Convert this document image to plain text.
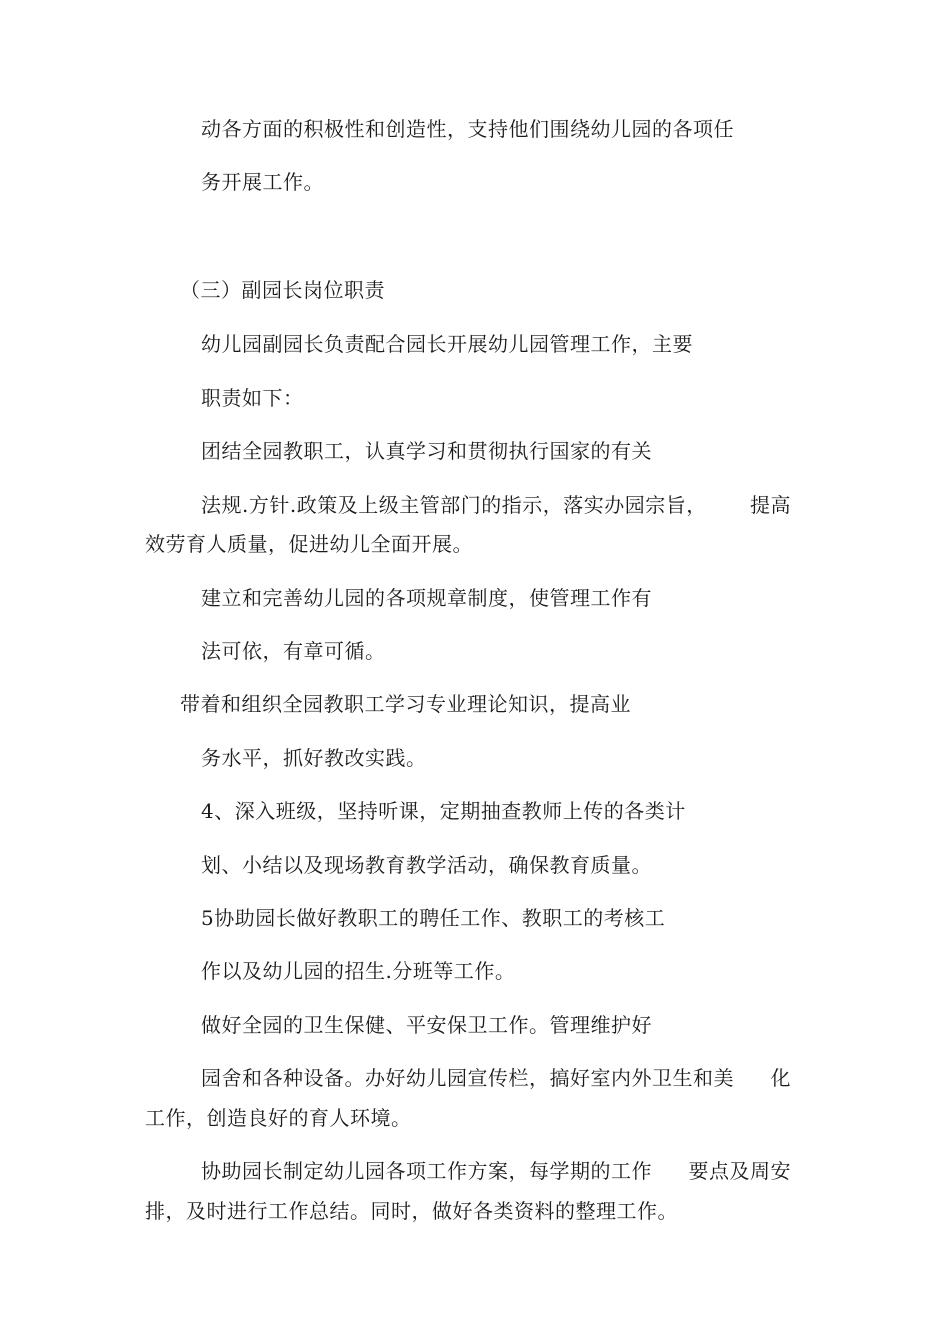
动各方面的积极性和创造性，支持他们围绕幼儿园的各项任
务开展工作。
（三）副园长岗位职责
幼儿园副园长负责配合园长开展幼儿园管理工作，主要
职责如下：
团结全园教职工，认真学习和贯彻执行国家的有关
法规.方针.政策及上级主管部门的指示，落实办园宗旨， 提高
效劳育人质量，促进幼儿全面开展。
建立和完善幼儿园的各项规章制度，使管理工作有
法可依，有章可循。
带着和组织全园教职工学习专业理论知识，提高业
务水平，抓好教改实践。
4、深入班级，坚持听课，定期抽查教师上传的各类计
划、小结以及现场教育教学活动，确保教育质量。
5协助园长做好教职工的聘任工作、教职工的考核工
作以及幼儿园的招生.分班等工作。
做好全园的卫生保健、平安保卫工作。管理维护好
园舍和各种设备。办好幼儿园宣传栏，搞好室内外卫生和美 化
工作，创造良好的育人环境。
协助园长制定幼儿园各项工作方案，每学期的工作 要点及周安
排，及时进行工作总结。同时，做好各类资料的整理工作。
